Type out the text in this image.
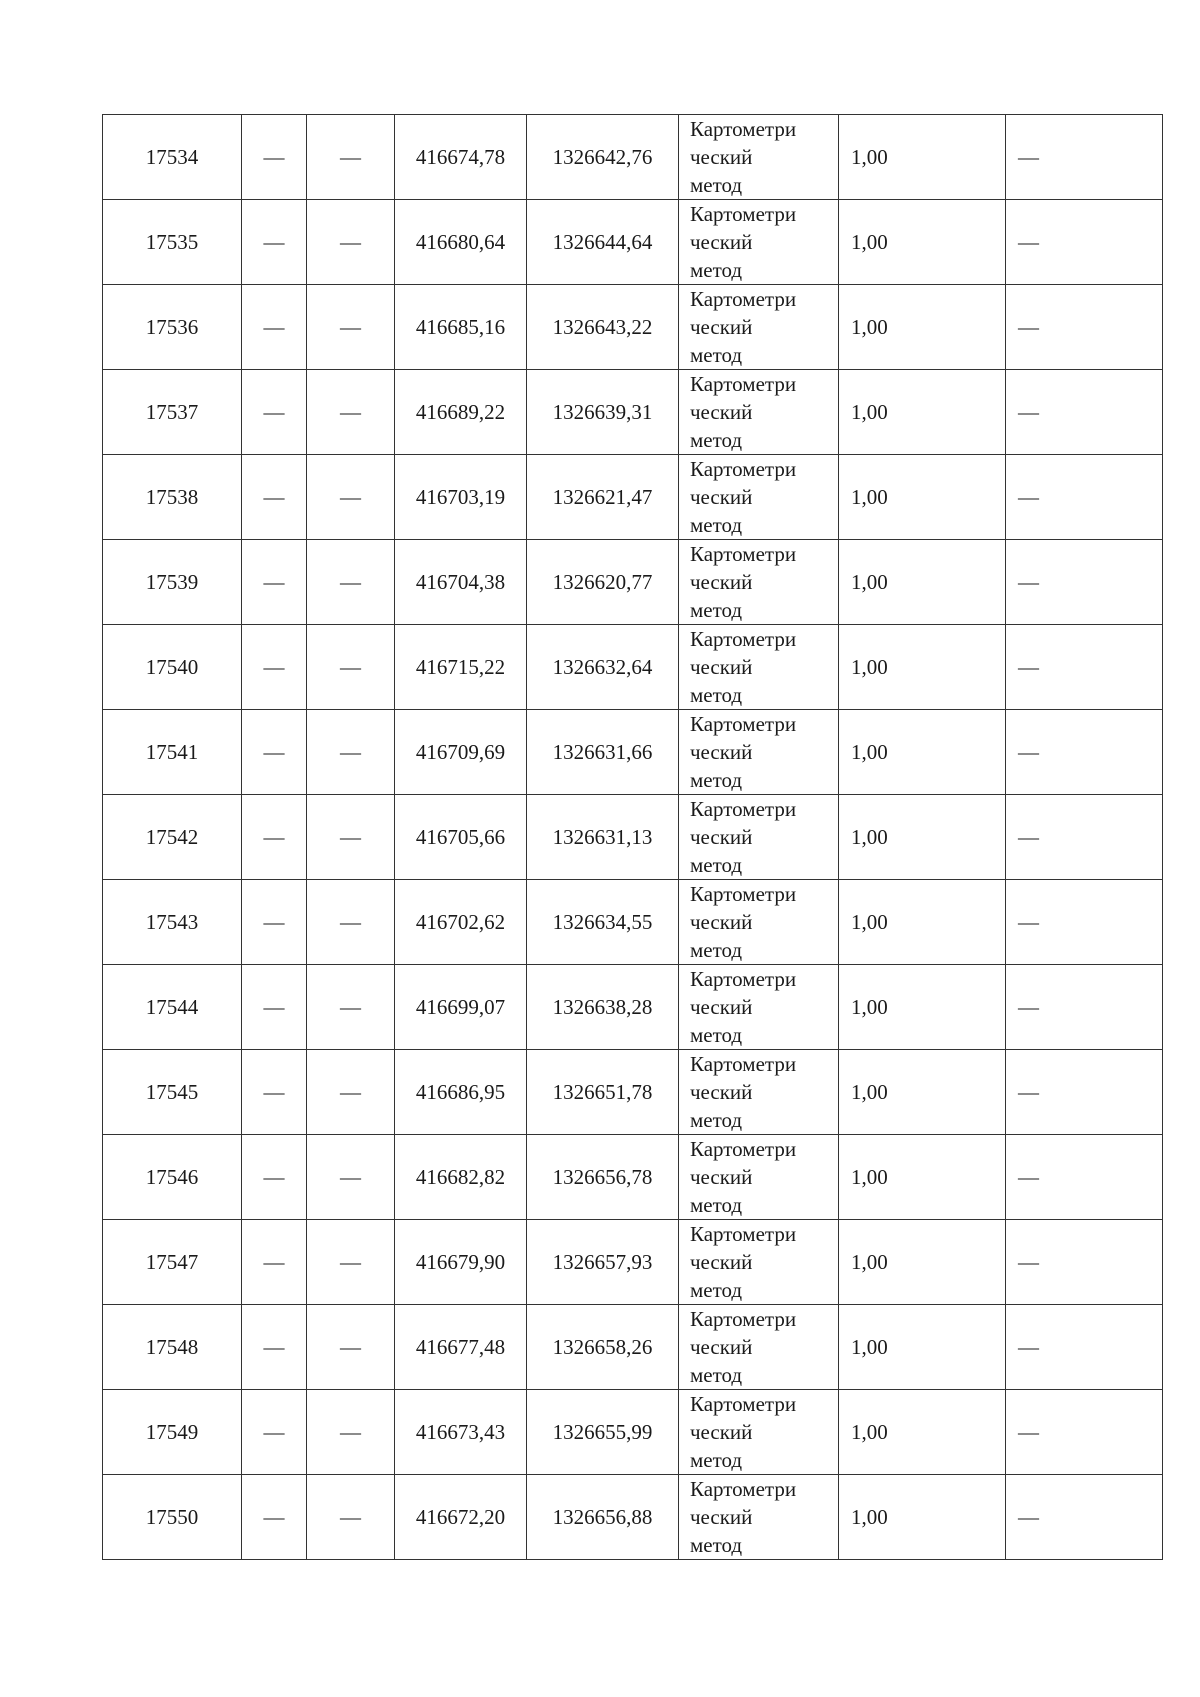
17534	—	—	416674,78	1326642,76	Картометри
ческий
метод	1,00	—
17535	—	—	416680,64	1326644,64	Картометри
ческий
метод	1,00	—
17536	—	—	416685,16	1326643,22	Картометри
ческий
метод	1,00	—
17537	—	—	416689,22	1326639,31	Картометри
ческий
метод	1,00	—
17538	—	—	416703,19	1326621,47	Картометри
ческий
метод	1,00	—
17539	—	—	416704,38	1326620,77	Картометри
ческий
метод	1,00	—
17540	—	—	416715,22	1326632,64	Картометри
ческий
метод	1,00	—
17541	—	—	416709,69	1326631,66	Картометри
ческий
метод	1,00	—
17542	—	—	416705,66	1326631,13	Картометри
ческий
метод	1,00	—
17543	—	—	416702,62	1326634,55	Картометри
ческий
метод	1,00	—
17544	—	—	416699,07	1326638,28	Картометри
ческий
метод	1,00	—
17545	—	—	416686,95	1326651,78	Картометри
ческий
метод	1,00	—
17546	—	—	416682,82	1326656,78	Картометри
ческий
метод	1,00	—
17547	—	—	416679,90	1326657,93	Картометри
ческий
метод	1,00	—
17548	—	—	416677,48	1326658,26	Картометри
ческий
метод	1,00	—
17549	—	—	416673,43	1326655,99	Картометри
ческий
метод	1,00	—
17550	—	—	416672,20	1326656,88	Картометри
ческий
метод	1,00	—
